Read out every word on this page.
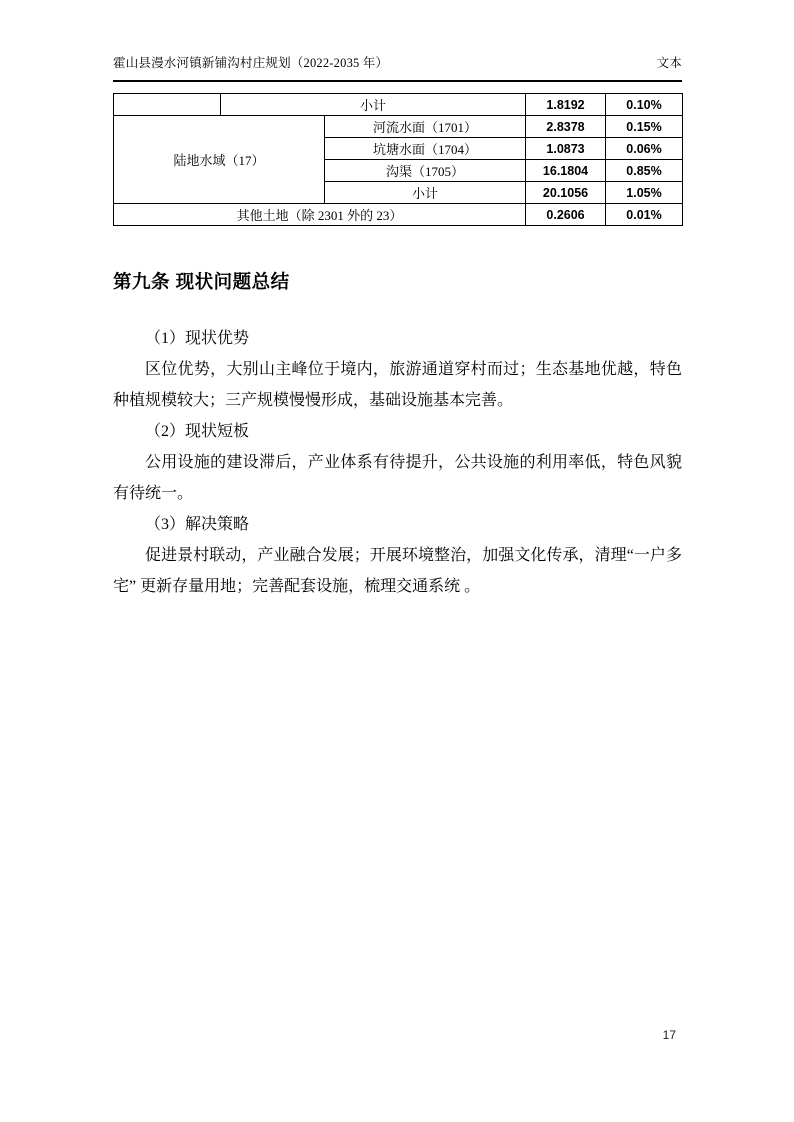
霍山县漫水河镇新铺沟村庄规划（2022-2035 年）	文本
	小计		1.8192	0.10%
陆地水域（17）		河流水面（1701）	2.8378	0.15%
		坑塘水面（1704）	1.0873	0.06%
		沟渠（1705）	16.1804	0.85%
		小计	20.1056	1.05%
其他土地（除 2301 外的 23）			0.2606	0.01%
第九条 现状问题总结

（1）现状优势

区位优势，大别山主峰位于境内，旅游通道穿村而过；生态基地优越，特色种植规模较大；三产规模慢慢形成，基础设施基本完善。

（2）现状短板

公用设施的建设滞后，产业体系有待提升，公共设施的利用率低，特色风貌有待统一。

（3）解决策略

促进景村联动，产业融合发展；开展环境整治，加强文化传承，清理“一户多宅” 更新存量用地；完善配套设施，梳理交通系统 。

17
